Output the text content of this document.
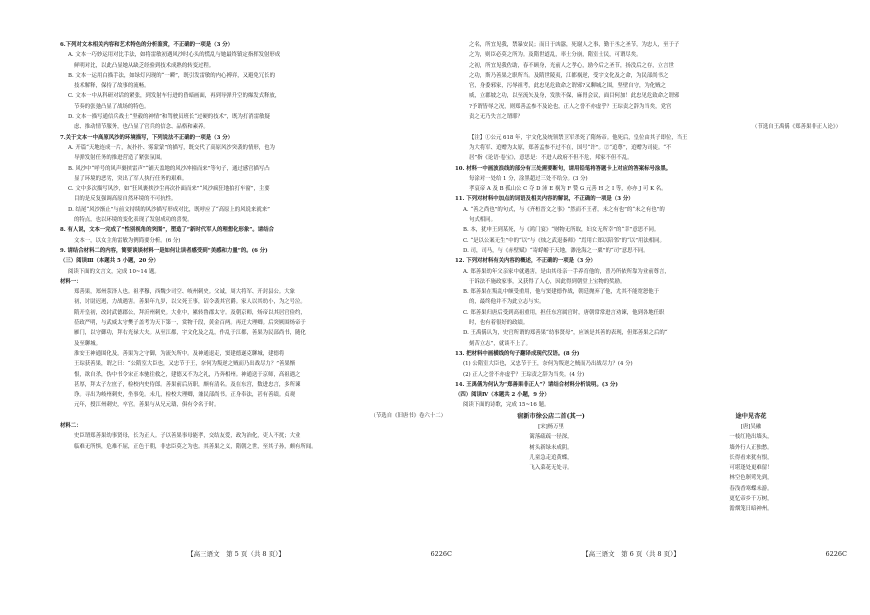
6.下列对文本相关内容和艺术特色的分析鉴赏，不正确的一项是（3 分）
A. 文本一巧妙运用对比手法，如将雷敏初遇风沙时心头的慌乱与她最终镇定指挥发射形成
鲜明对比，以此凸显她从缺乏经验到技术成熟的转变过程。
B. 文本一运用白描手法，如绿灯闪现的“一瞬”，既引发雷敏的内心搏弈，又避免冗长的
技术解释，保持了故事的流畅。
C. 文本一中从科研对话的紧张，到发射车行进的昏暗画面，再到导弹升空的爆发式释放，
节奏的张弛凸显了战场的特色。
D. 文本一描写通信兵战士“坚毅的神情”和驾驶员班长“过硬的技术”，既为打消雷敏疑
虑、推动情节服务，也凸显了官兵的信念、品格和素养。
7.关于文本一中高原风沙的环境描写，下列说法不正确的一项是（3 分）
A. 开篇“天地连成一片，灰扑扑、雾蒙蒙”的描写，既交代了高原风沙突袭的情形，也为
导弹发射任务的推进营造了紧张氛围。
B. 风沙中“呼号的风声裹挟雷声”“铺天盖地的风沙冲撞而来”等句子，通过感官描写凸
显了环境的恶劣，突出了军人执行任务的艰难。
C. 文中多次描写风沙，如“狂风裹挟沙尘再次扑面而来”“风沙疯狂地拍打车窗”，主要
目的是反复强调高原自然环境的不可抗性。
D. 结尾“风沙渐止”与前文持续的风沙描写形成对比，既呼应了“高原上的风说来就来”
的特点，也以环境的变化表现了发射成功的喜悦。
8. 有人说，文本一完成了“性别视角的突围”，塑造了“新时代军人的理想化形象”。请结合
文本一，以女主角雷敏为例简要分析。(6 分)
9. 请结合材料二的内容，简要谈谈材料一是如何让读者感受到“美感和力量”的。(6 分)
（三）阅读Ⅲ（本题共 5 小题，20 分）
阅读下面的文言文，完成 10~14 题。
材料一：
郑善果，郑州荥泽人也。祖孝穆，西魏少司空、岐州刺史。父诚，周大将军、开封县公。大象
初，讨尉迟迥，力战遇害。善果年九岁，以父死王事，诏令袭其官爵。家人以其幼小，为之号泣。
隋开皇初，改封武德郡公，拜沂州刺史。大业中，累转鲁郡太守。及朝京师，炀帝以其居官俭约，
莅政严明，与武威太守樊子盖考为天下第一，赏物千段，黄金百两。再迁大理卿。后突厥围炀帝于
雁门，以守御功，拜右光禄大夫。从至江都，宇文化及之乱，作乱于江都，善果为民部尚书，随化
及至聊城。
淮安王神通围化及，善果为之守御，为流矢所中。及神通退走，窦建德遂克聊城，建德将
王琮获善果，谓之曰：“公隋室大臣也，又忠节于王，奈何为叛逆之贼而乃出战尽力？”善果惭
恨，欲自杀，伪中书令宋正本驰往救之，建德又不为之礼，乃奔相州。神通送于京师，高祖遇之
甚厚，拜太子左庶子，检校内史侍郎。善果前后历职，颇有清名。及在东宫，数进忠言，多所谏
诤。寻出为岐州刺史，坐事免。未几，检校大理卿，兼民部尚书。正身奉法，甚有善绩。贞观
元年，授江州刺史，卒官。善果与从兄元璹，俱有令名于时。
（节选自《旧唐书》卷六十二）
材料二：
史臣谓郑善果幼事贤母，长为正人。子以善果事母能孝，交结友爱，政为治化，吏人不扰；大业
临难无所惧，危难不屈，正色于朝，非忠臣莫之为也。其善果之义，隋朝之世，至其子孙，颇有所闻。
【高三语文　第 5 页（共 8 页）】	6226C
之名，所宜见我，禁暴安民；而日于凶嚣，死谢人之事，勤于丞之圣节，为忠人，至于子
之为，则臣必莫之所为。及隋世道乱，率土分崩，隋室士民，可谓尽矣。
之初，所宜见我佐助，春不顾身，光前人之孝心，励今后之圣节，扬没后之存，立言世
之功，斯乃善果之职所当。及隋世陵夷，江都祸逆，受宇文化及之命，为民部尚书之
官，身委邪家，污辱祖考，此忠见危致命之谓邪?又聊城之围，坚壁自守，为化贼之
威，立郡坡之功，以至流矢及身，发肤不保，麻胃会议，面目何加！此忠见危致命之谓邪
?予谓皆辱之况，则郑善孟参不及论也，正人之誉不亦虚乎？王琮责之辞为当矣，党宫
责之无乃失言之谓耶？
（节选自王禹偁《郑善果非正人论》）
【注】①公元 618 年，宇文化及统领禁卫军杀死了隋炀帝。他死后，皇位由其子即位，当王
为大将军、追赠为太原，郑善孟参不过不在，国号“许”。②“追尊”，追赠为司徒。“不
居”指《论语·卷宝》，意思是：不进人政府不但不危，邦家不但不乱。
10. 材料一中画波浪线的部分有三处需要断句，请用铅笔将答题卡上对应的答案标号涂黑。
每涂对一处给 1 分，涂黑超过三处不给分。(3 分)
孝哀帝 A 及 B 孤山公 C 夺 D 沛 E 祸为 F 赞 G 元善 H 之 I 等，亦亦 J 可 K 名。
11. 下列对材料中加点的词语及相关内容的解说，不正确的一项是（3 分）
A. “善之尚也”的句式，与《齐桓晋文之事》“然而不王者，未之有也”的“未之有也”的
句式相同。
B. 本，犹申王到某死，与《鸿门宴》“财物无所取，妇女无所幸”的“幸”意思不同。
C. “是以公案无生”中的“以”与《烛之武退秦师》“焉用亡郑以陪邻”的“以”用法相同。
D. 司，司马，与《赤壁赋》“寄蜉蝣于天地，渺沧海之一粟”的“司”意思不同。
12. 下列对材料有关内容的概述，不正确的一项是（3 分）
A. 郑善果幼年父亲家中就遇害，是由其母亲一手养育他的，普乃所依所靠为业前尊言，
于诉法不施政家事，又获得了人心，因此得到朝堂上宝物的奖励。
B. 郑善果在叛乱中颇受重用，他与窦建德作战，朝廷抛弃了他，尤其不能宽恕他于
的，最终他并不为此立志与实。
C. 郑善果归唐后受到高祖重用，担任东宫属官时，唐朝常常进言劝谏，他到各地任职
时，也有着很好的政绩。
D. 王禹偁认为，史官所谓的郑善果“幼事贤母”，应该是其善的表现，但郑善果之后的“
刻苦立志”，就谈不上了。
13. 把材料中画横线的句子翻译成现代汉语。(8 分)
(1) 公隋室大臣也，又忠节于王，奈何为叛逆之贼而乃出战尽力？(4 分)
(2) 正人之誉不亦虚乎？王琮责之辞为当矣。(4 分)
14. 王禹偁为何认为“郑善果非正人”？请结合材料分析说明。(3 分)
（四）阅读Ⅳ（本题共 2 小题，9 分）
阅读下面的诗歌，完成 15~16 题。
宿新市徐公店二首(其一)
[宋]杨万里
篱落疏疏一径深，
树头新绿未成阴。
儿童急走追黄蝶，
飞入菜花无处寻。
途中见杏花
[唐]吴融
一枝红艳出墙头，
墙外行人正独愁。
长得看来犹有恨，
可堪逢处更难留！
林空色暝莺先到，
春浅香寒蝶未游。
更忆帝乡千万树，
澹烟笼日暗神州。
【高三语文　第 6 页（共 8 页）】	6226C
